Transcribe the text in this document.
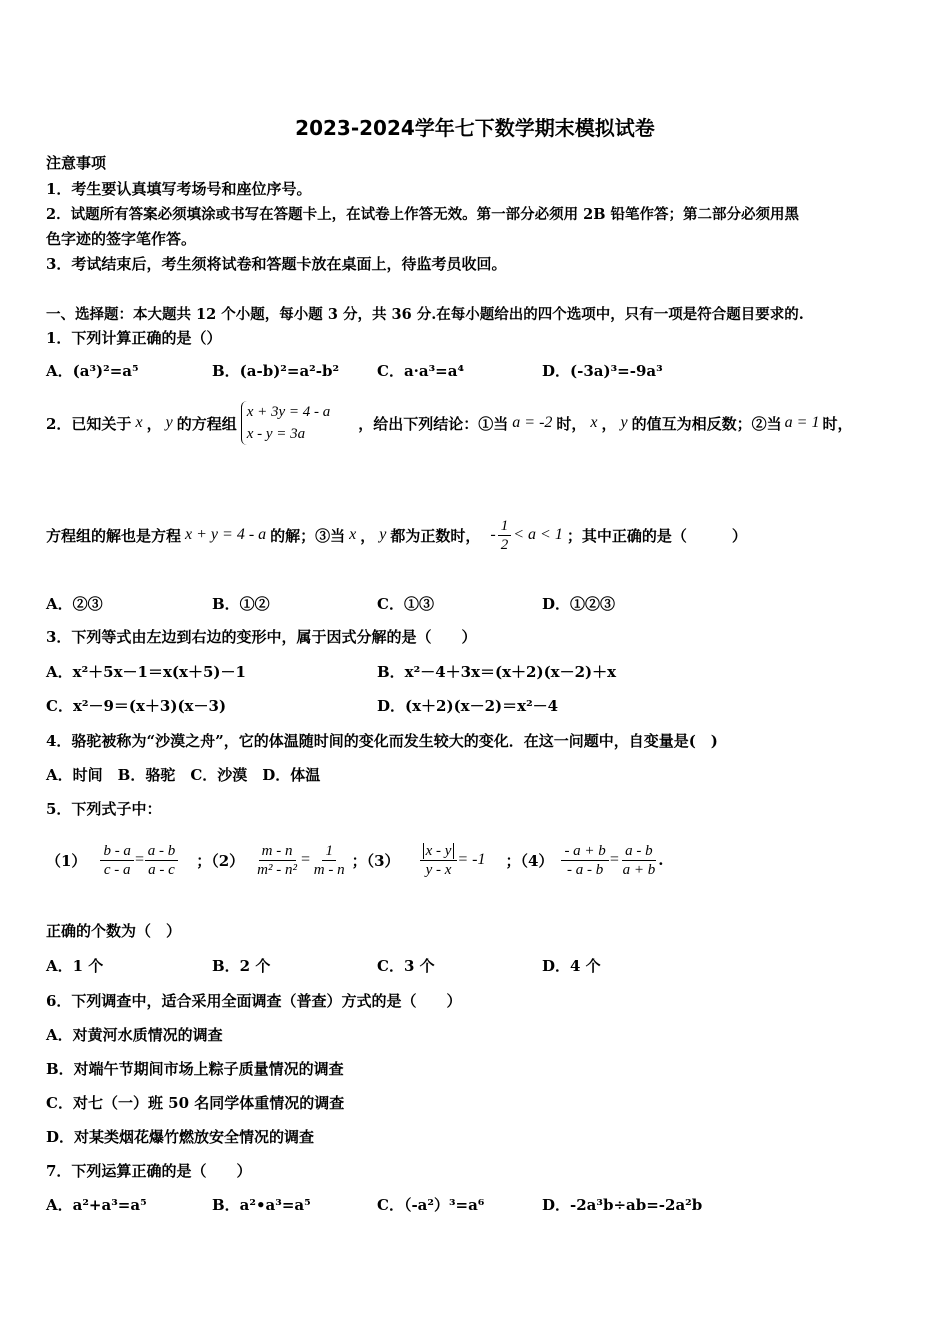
2023-2024学年七下数学期末模拟试卷
注意事项
1．考生要认真填写考场号和座位序号。
2．试题所有答案必须填涂或书写在答题卡上，在试卷上作答无效。第一部分必须用 2B 铅笔作答；第二部分必须用黑
色字迹的签字笔作答。
3．考试结束后，考生须将试卷和答题卡放在桌面上，待监考员收回。
一、选择题：本大题共 12 个小题，每小题 3 分，共 36 分.在每小题给出的四个选项中，只有一项是符合题目要求的.
1．下列计算正确的是（）
A．(a³)²=a⁵	B．(a-b)²=a²-b²	C．a·a³=a⁴	D．(-3a)³=-9a³
2．已知关于 x ， y 的方程组
x + 3y = 4 - a
x - y = 3a
，给出下列结论：①当 a = -2 时， x ， y 的值互为相反数；②当 a = 1 时，
方程组的解也是方程 x + y = 4 - a 的解；③当 x ， y 都为正数时， - $\frac{1}{2} < a < 1$ ；其中正确的是（　　　）
A．②③	B．①②	C．①③	D．①②③
3．下列等式由左边到右边的变形中，属于因式分解的是（　　）
A．x²＋5x－1＝x(x＋5)－1	B．x²－4＋3x＝(x＋2)(x－2)＋x
C．x²－9＝(x＋3)(x－3)	D．(x＋2)(x－2)＝x²－4
4．骆驼被称为“沙漠之舟”，它的体温随时间的变化而发生较大的变化．在这一问题中，自变量是(　)
A．时间　B．骆驼　C．沙漠　D．体温
5．下列式子中：
$(1) \frac{b - a}{c - a} = \frac{a - b}{a - c}$ ；$(2) \frac{m - n}{\text{m² - n²}} = \frac{1}{m - n}$ ；$(3) \frac{x - y}{y - x} = -1$ ；$(4) \frac{- a + b}{- a - b} = \frac{a - b}{a + b}$ .
正确的个数为（　）
A．1 个	B．2 个	C．3 个	D．4 个
6．下列调查中，适合采用全面调查（普查）方式的是（　　）
A．对黄河水质情况的调查
B．对端午节期间市场上粽子质量情况的调查
C．对七（一）班 50 名同学体重情况的调查
D．对某类烟花爆竹燃放安全情况的调查
7．下列运算正确的是（　　）
A．a²+a³=a⁵	B．a²•a³=a⁵	C．（-a²）³=a⁶	D．-2a³b÷ab=-2a²b
